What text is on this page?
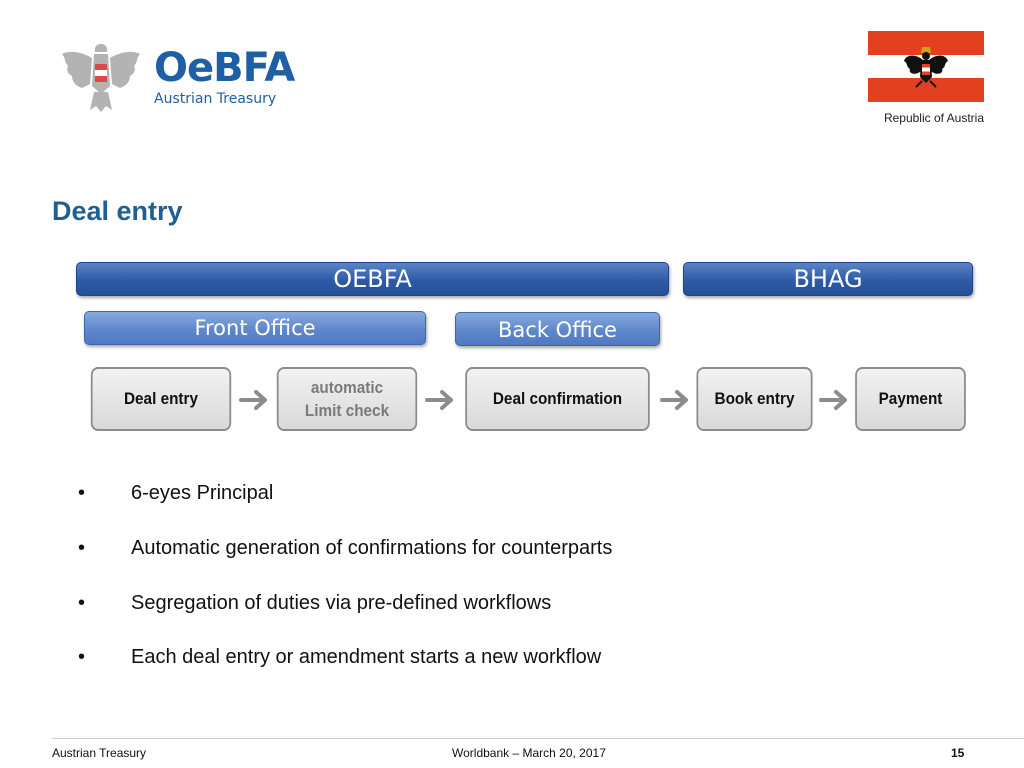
OeBFA
Austrian Treasury
Republic of Austria
Deal entry
OEBFA	BHAG
Front Office	Back Office
Deal entry
automatic
Limit check
Deal confirmation	Book entry	Payment
• 6-eyes Principal
• Automatic generation of confirmations for counterparts
• Segregation of duties via pre-defined workflows
• Each deal entry or amendment starts a new workflow
Austrian Treasury	Worldbank – March 20, 2017	15
